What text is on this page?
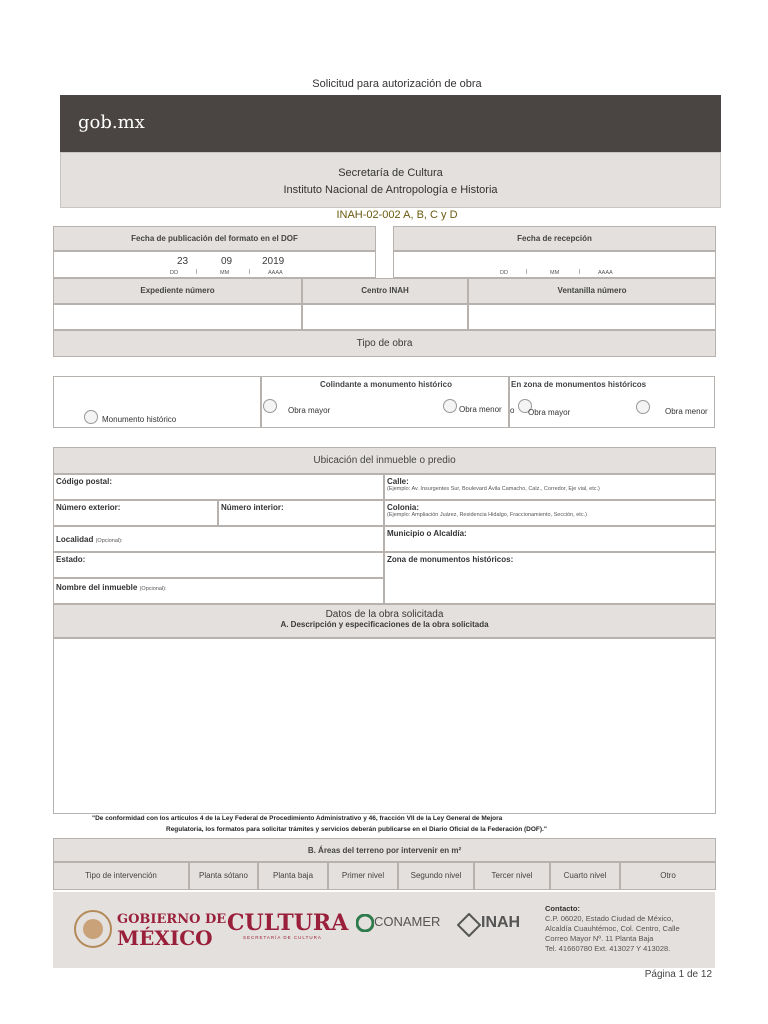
Solicitud para autorización de obra
gob.mx
Secretaría de Cultura
Instituto Nacional de Antropología e Historia
INAH-02-002 A, B, C y D
Fecha de publicación del formato en el DOF
23	09	2019
DD	|	MM	|	AAAA
Fecha de recepción
DD	|	MM	|	AAAA
Expediente número	Centro INAH	Ventanilla número
Tipo de obra
Monumento histórico
Colindante a monumento histórico
Obra mayor	Obra menor
En zona de monumentos históricos
o Obra mayor	Obra menor
Ubicación del inmueble o predio
Código postal:	Calle:
(Ejemplo: Av. Insurgentes Sur, Boulevard Ávila Camacho, Calz., Corredor, Eje vial, etc.)
Número exterior:	Número interior:	Colonia:
(Ejemplo: Ampliación Juárez, Residencia Hidalgo, Fraccionamiento, Sección, etc.)
Localidad (Opcional):
Municipio o Alcaldía:
Estado:	Zona de monumentos históricos:
Nombre del inmueble (Opcional):
Datos de la obra solicitada
A. Descripción y especificaciones de la obra solicitada
"De conformidad con los artículos 4 de la Ley Federal de Procedimiento Administrativo y 46, fracción VII de la Ley General de Mejora
Regulatoria, los formatos para solicitar trámites y servicios deberán publicarse en el Diario Oficial de la Federación (DOF)."
B. Áreas del terreno por intervenir en m²
Tipo de intervención	Planta sótano	Planta baja	Primer nivel	Segundo nivel	Tercer nivel	Cuarto nivel	Otro
GOBIERNO DE
MÉXICO
CULTURA
SECRETARÍA DE CULTURA
CONAMER	INAH
Contacto:
C.P. 06020, Estado Ciudad de México,
Alcaldía Cuauhtémoc, Col. Centro, Calle
Correo Mayor Nº. 11 Planta Baja
Tel. 41660780 Ext. 413027 Y 413028.
Página 1 de 12
